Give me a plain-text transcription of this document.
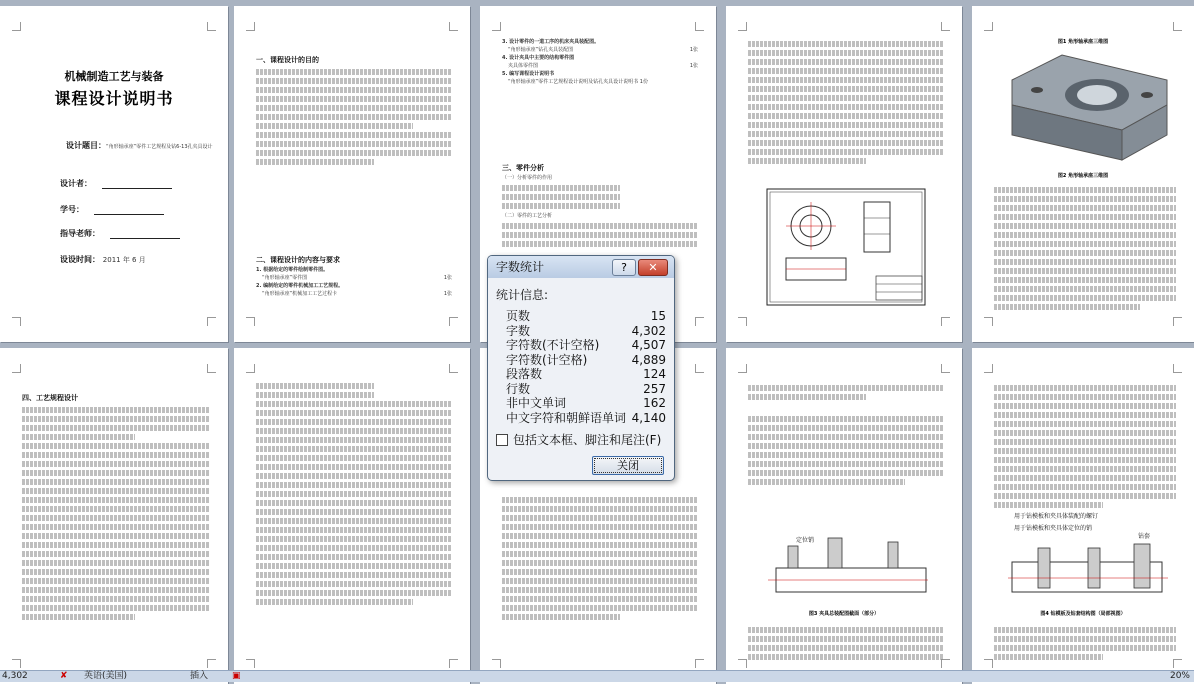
机械制造工艺与装备
课程设计说明书
设计题目：“角形轴承座”零件工艺规程及钻6-13孔夹具设计
设计者：
学号：
指导老师：
设设时间： 2011 年 6 月
一、课程设计的目的
二、课程设计的内容与要求
1. 根据给定的零件绘制零件图。
“角形轴承座”零件图	1张
2. 编制给定的零件机械加工工艺规程。
“角形轴承座”机械加工工艺过程卡	1张
3. 设计零件的一道工序的机床夹具装配图。
“角形轴承座”钻孔夹具装配图	1张
4. 设计夹具中主要的结构零件图
夹具体零件图	1张
5. 编写课程设计说明书
“角形轴承座”零件工艺规程设计说明及钻孔夹具设计说明书 1份
三、零件分析
（一）分析零件的作用
（二）零件的工艺分析
图1 角形轴承座三维图
图2 角形轴承座三维图
四、工艺规程设计
定位销
图3 夹具总装配图截面（部分）
用于钻模板和夹具体装配的螺钉
用于钻模板和夹具体定位的销
钻套
图4 钻模板及钻套结构图（局部视图）
字数统计	?	✕
统计信息:
页数	15
字数	4,302
字符数(不计空格)	4,507
字符数(计空格)	4,889
段落数	124
行数	257
非中文单词	162
中文字符和朝鲜语单词 4,140
包括文本框、脚注和尾注(F)
关闭
4,302	✘ 英语(美国)	插入	▣	20%
